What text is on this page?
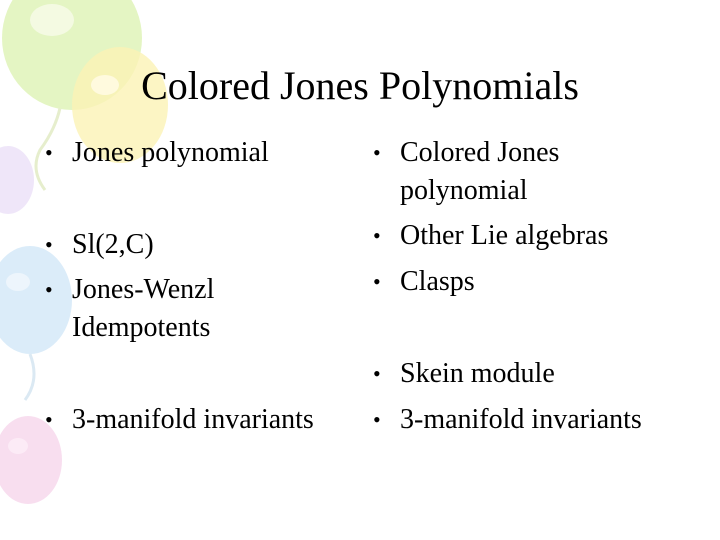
Colored Jones Polynomials
• Jones polynomial
• Sl(2,C)
• Jones-Wenzl
Idempotents
• 3-manifold invariants
• Colored Jones
polynomial
• Other Lie algebras
• Clasps
• Skein module
• 3-manifold invariants
